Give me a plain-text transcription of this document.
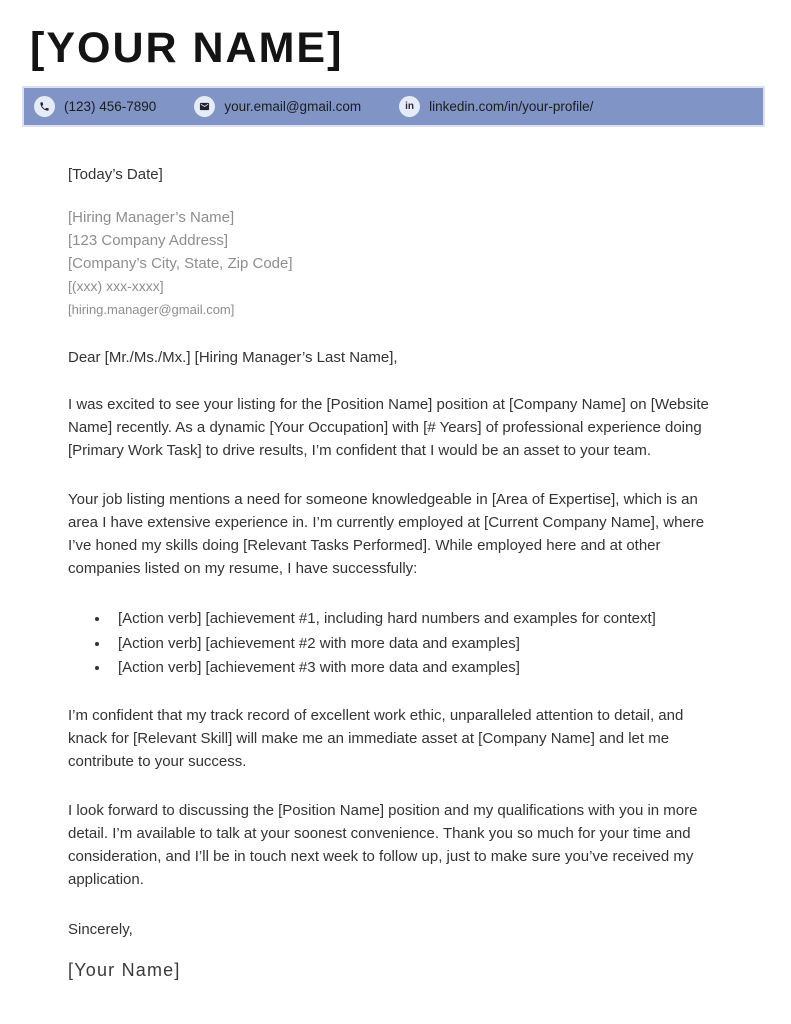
[YOUR NAME]
(123) 456-7890	your.email@gmail.com	in linkedin.com/in/your-profile/
[Today’s Date]
[Hiring Manager’s Name]
[123 Company Address]
[Company’s City, State, Zip Code]
[(xxx) xxx-xxxx]
[hiring.manager@gmail.com]
Dear [Mr./Ms./Mx.] [Hiring Manager’s Last Name],
I was excited to see your listing for the [Position Name] position at [Company Name] on [Website Name] recently. As a dynamic [Your Occupation] with [# Years] of professional experience doing [Primary Work Task] to drive results, I’m confident that I would be an asset to your team.
Your job listing mentions a need for someone knowledgeable in [Area of Expertise], which is an area I have extensive experience in. I’m currently employed at [Current Company Name], where I’ve honed my skills doing [Relevant Tasks Performed]. While employed here and at other companies listed on my resume, I have successfully:
• [Action verb] [achievement #1, including hard numbers and examples for context]
• [Action verb] [achievement #2 with more data and examples]
• [Action verb] [achievement #3 with more data and examples]
I’m confident that my track record of excellent work ethic, unparalleled attention to detail, and knack for [Relevant Skill] will make me an immediate asset at [Company Name] and let me contribute to your success.
I look forward to discussing the [Position Name] position and my qualifications with you in more detail. I’m available to talk at your soonest convenience. Thank you so much for your time and consideration, and I’ll be in touch next week to follow up, just to make sure you’ve received my application.
Sincerely,
[Your Name]
